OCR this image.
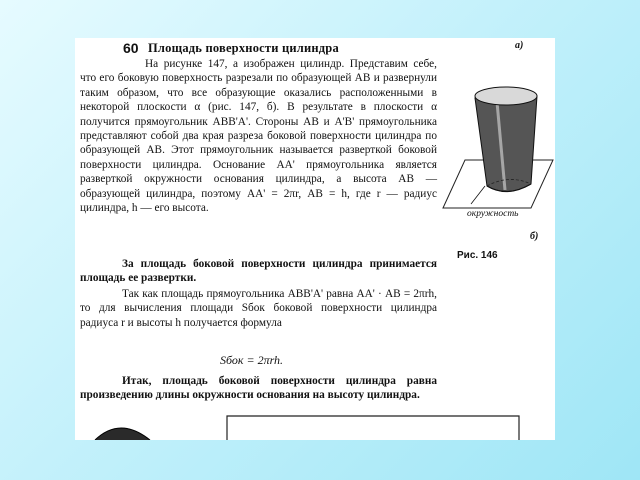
60 Площадь поверхности цилиндра

На рисунке 147, а изображен цилиндр. Представим себе, что его боковую поверхность разрезали по образующей АВ и развернули таким образом, что все образующие оказались расположенными в некоторой плоскости α (рис. 147, б). В результате в плоскости α получится прямоугольник АВВ'А'. Стороны АВ и А'В' прямоугольника представляют собой два края разреза боковой поверхности цилиндра по образующей АВ. Этот прямоугольник называется разверткой боковой поверхности цилиндра. Основание АА' прямоугольника является разверткой окружности основания цилиндра, а высота АВ — образующей цилиндра, поэтому АА' = 2πr, АВ = h, где r — радиус цилиндра, h — его высота.

За площадь боковой поверхности цилиндра принимается площадь ее развертки.

Так как площадь прямоугольника АВВ'А' равна АА' · АВ = 2πrh, то для вычисления площади Sбок боковой поверхности цилиндра радиуса r и высоты h получается формула

Sбок = 2πrh.

Итак, площадь боковой поверхности цилиндра равна произведению длины окружности основания на высоту цилиндра.

а)
окружность
б)
Рис. 146
